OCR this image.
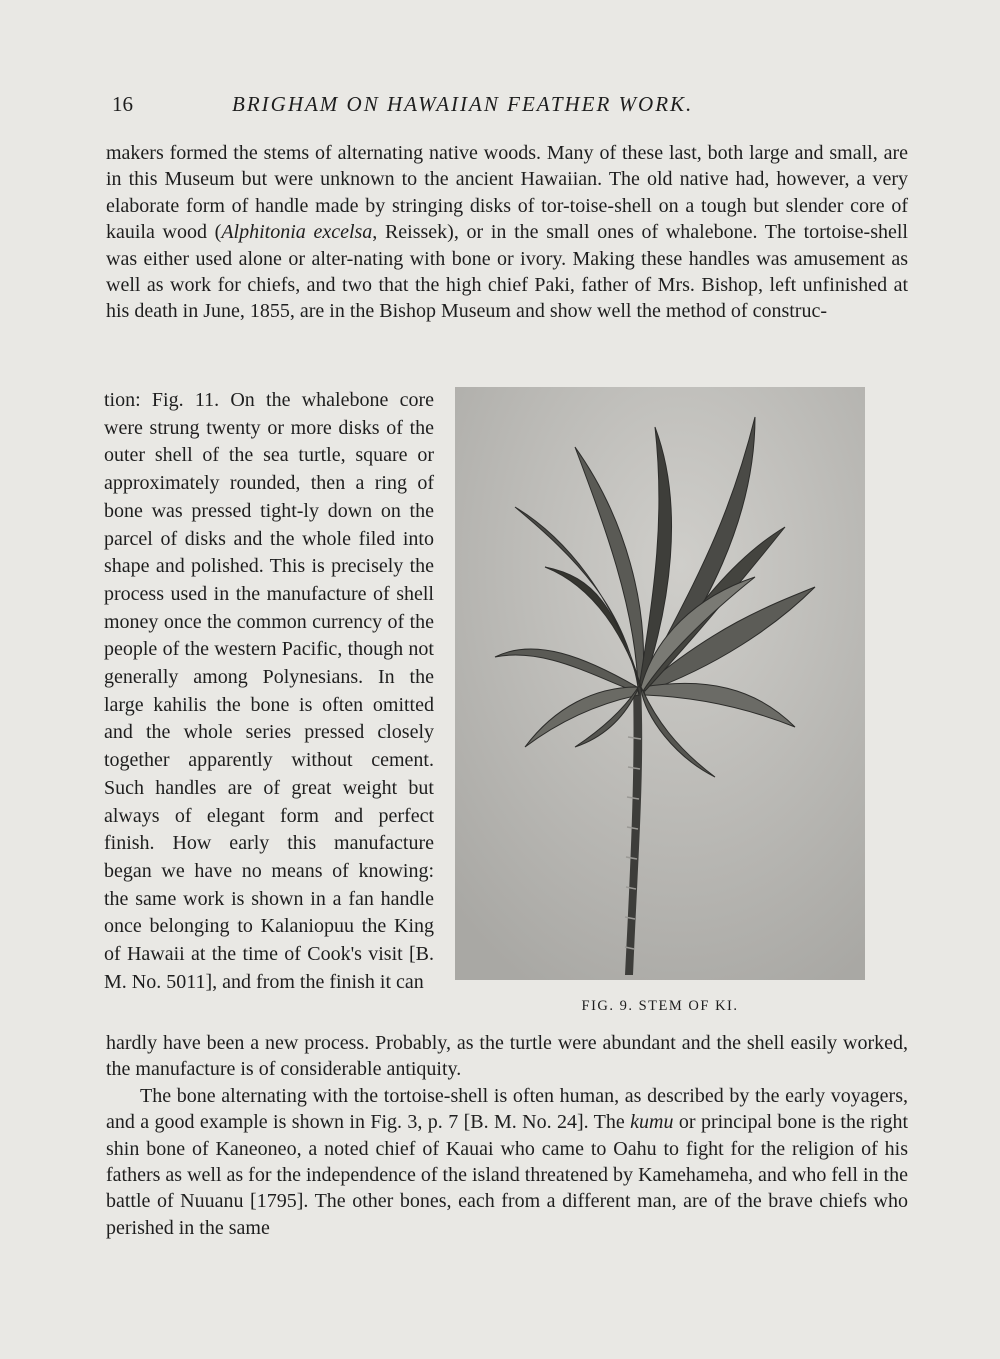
16	BRIGHAM ON HAWAIIAN FEATHER WORK.

makers formed the stems of alternating native woods. Many of these last, both large and small, are in this Museum but were unknown to the ancient Hawaiian. The old native had, however, a very elaborate form of handle made by stringing disks of tor-toise-shell on a tough but slender core of kauila wood (Alphitonia excelsa, Reissek), or in the small ones of whalebone. The tortoise-shell was either used alone or alter-nating with bone or ivory. Making these handles was amusement as well as work for chiefs, and two that the high chief Paki, father of Mrs. Bishop, left unfinished at his death in June, 1855, are in the Bishop Museum and show well the method of construc-

tion: Fig. 11. On the whalebone core were strung twenty or more disks of the outer shell of the sea turtle, square or approximately rounded, then a ring of bone was pressed tight-ly down on the parcel of disks and the whole filed into shape and polished. This is precisely the process used in the manufacture of shell money once the common currency of the people of the western Pacific, though not generally among Polynesians. In the large kahilis the bone is often omitted and the whole series pressed closely together apparently without cement. Such handles are of great weight but always of elegant form and perfect finish. How early this manufacture began we have no means of knowing: the same work is shown in a fan handle once belonging to Kalaniopuu the King of Hawaii at the time of Cook's visit [B. M. No. 5011], and from the finish it can

FIG. 9. STEM OF KI.

hardly have been a new process. Probably, as the turtle were abundant and the shell easily worked, the manufacture is of considerable antiquity.

The bone alternating with the tortoise-shell is often human, as described by the early voyagers, and a good example is shown in Fig. 3, p. 7 [B. M. No. 24]. The kumu or principal bone is the right shin bone of Kaneoneo, a noted chief of Kauai who came to Oahu to fight for the religion of his fathers as well as for the independence of the island threatened by Kamehameha, and who fell in the battle of Nuuanu [1795]. The other bones, each from a different man, are of the brave chiefs who perished in the same
